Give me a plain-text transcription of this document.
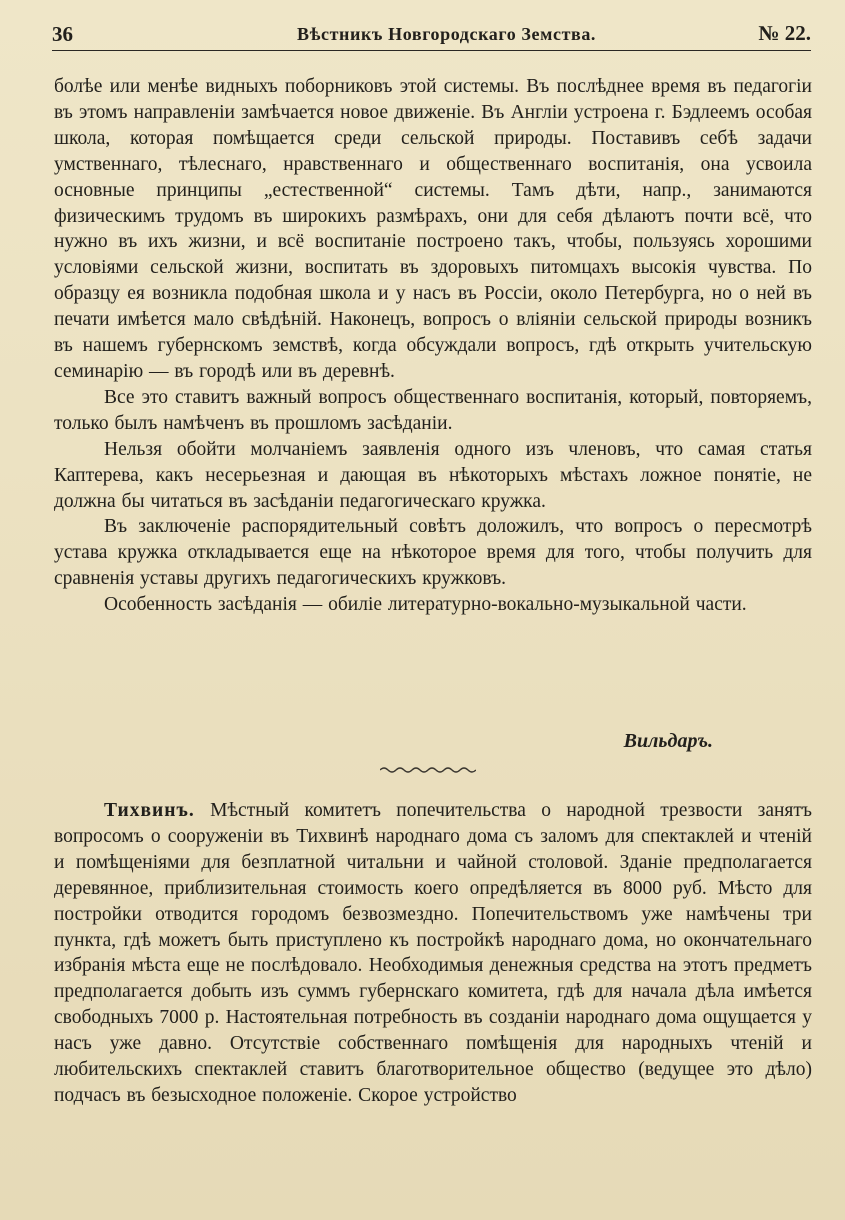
36	Вѣстникъ Новгородскаго Земства.	№ 22.

болѣе или менѣе видныхъ поборниковъ этой системы. Въ послѣднее время въ педагогіи въ этомъ направленіи замѣчается новое движеніе. Въ Англіи устроена г. Бэдлеемъ особая школа, которая помѣщается среди сельской природы. Поставивъ себѣ задачи умственнаго, тѣлеснаго, нравственнаго и общественнаго воспитанія, она усвоила основные принципы „естественной“ системы. Тамъ дѣти, напр., занимаются физическимъ трудомъ въ широкихъ размѣрахъ, они для себя дѣлаютъ почти всё, что нужно въ ихъ жизни, и всё воспитаніе построено такъ, чтобы, пользуясь хорошими условіями сельской жизни, воспитать въ здоровыхъ питомцахъ высокія чувства. По образцу ея возникла подобная школа и у насъ въ Россіи, около Петербурга, но о ней въ печати имѣется мало свѣдѣній. Наконецъ, вопросъ о вліяніи сельской природы возникъ въ нашемъ губернскомъ земствѣ, когда обсуждали вопросъ, гдѣ открыть учительскую семинарію — въ городѣ или въ деревнѣ.

Все это ставитъ важный вопросъ общественнаго воспитанія, который, повторяемъ, только былъ намѣченъ въ прошломъ засѣданіи.

Нельзя обойти молчаніемъ заявленія одного изъ членовъ, что самая статья Каптерева, какъ несерьезная и дающая въ нѣкоторыхъ мѣстахъ ложное понятіе, не должна бы читаться въ засѣданіи педагогическаго кружка.

Въ заключеніе распорядительный совѣтъ доложилъ, что вопросъ о пересмотрѣ устава кружка откладывается еще на нѣкоторое время для того, чтобы получить для сравненія уставы другихъ педагогическихъ кружковъ.

Особенность засѣданія — обиліе литературно-вокально-музыкальной части.

Вильдаръ.

Тихвинъ. Мѣстный комитетъ попечительства о народной трезвости занятъ вопросомъ о сооруженіи въ Тихвинѣ народнаго дома съ заломъ для спектаклей и чтеній и помѣщеніями для безплатной читальни и чайной столовой. Зданіе предполагается деревянное, приблизительная стоимость коего опредѣляется въ 8000 руб. Мѣсто для постройки отводится городомъ безвозмездно. Попечительствомъ уже намѣчены три пункта, гдѣ можетъ быть приступлено къ постройкѣ народнаго дома, но окончательнаго избранія мѣста еще не послѣдовало. Необходимыя денежныя средства на этотъ предметъ предполагается добыть изъ суммъ губернскаго комитета, гдѣ для начала дѣла имѣется свободныхъ 7000 р. Настоятельная потребность въ созданіи народнаго дома ощущается у насъ уже давно. Отсутствіе собственнаго помѣщенія для народныхъ чтеній и любительскихъ спектаклей ставитъ благотворительное общество (ведущее это дѣло) подчасъ въ безысходное положеніе. Скорое устройство
